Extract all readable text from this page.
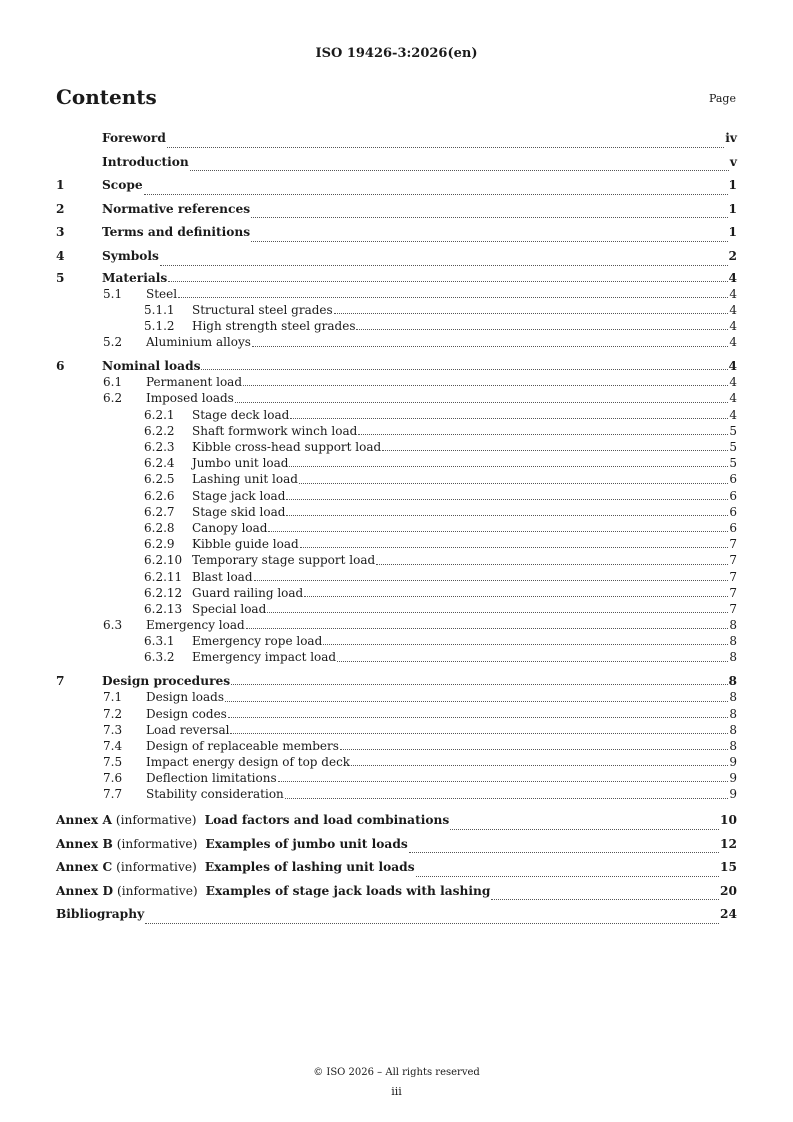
ISO 19426-3:2026(en)
Contents	Page
Foreword	iv
Introduction	v
1	Scope	1
2	Normative references	1
3	Terms and definitions	1
4	Symbols	2
5	Materials	4
5.1	Steel	4
5.1.1	Structural steel grades	4
5.1.2	High strength steel grades	4
5.2	Aluminium alloys	4
6	Nominal loads	4
6.1	Permanent load	4
6.2	Imposed loads	4
6.2.1	Stage deck load	4
6.2.2	Shaft formwork winch load	5
6.2.3	Kibble cross-head support load	5
6.2.4	Jumbo unit load	5
6.2.5	Lashing unit load	6
6.2.6	Stage jack load	6
6.2.7	Stage skid load	6
6.2.8	Canopy load	6
6.2.9	Kibble guide load	7
6.2.10 Temporary stage support load	7
6.2.11 Blast load	7
6.2.12 Guard railing load	7
6.2.13 Special load	7
6.3	Emergency load	8
6.3.1	Emergency rope load	8
6.3.2	Emergency impact load	8
7	Design procedures	8
7.1	Design loads	8
7.2	Design codes	8
7.3	Load reversal	8
7.4	Design of replaceable members	8
7.5	Impact energy design of top deck	9
7.6	Deflection limitations	9
7.7	Stability consideration	9
Annex A (informative) Load factors and load combinations	10
Annex B (informative) Examples of jumbo unit loads	12
Annex C (informative) Examples of lashing unit loads	15
Annex D (informative) Examples of stage jack loads with lashing	20
Bibliography	24
© ISO 2026 – All rights reserved
iii
